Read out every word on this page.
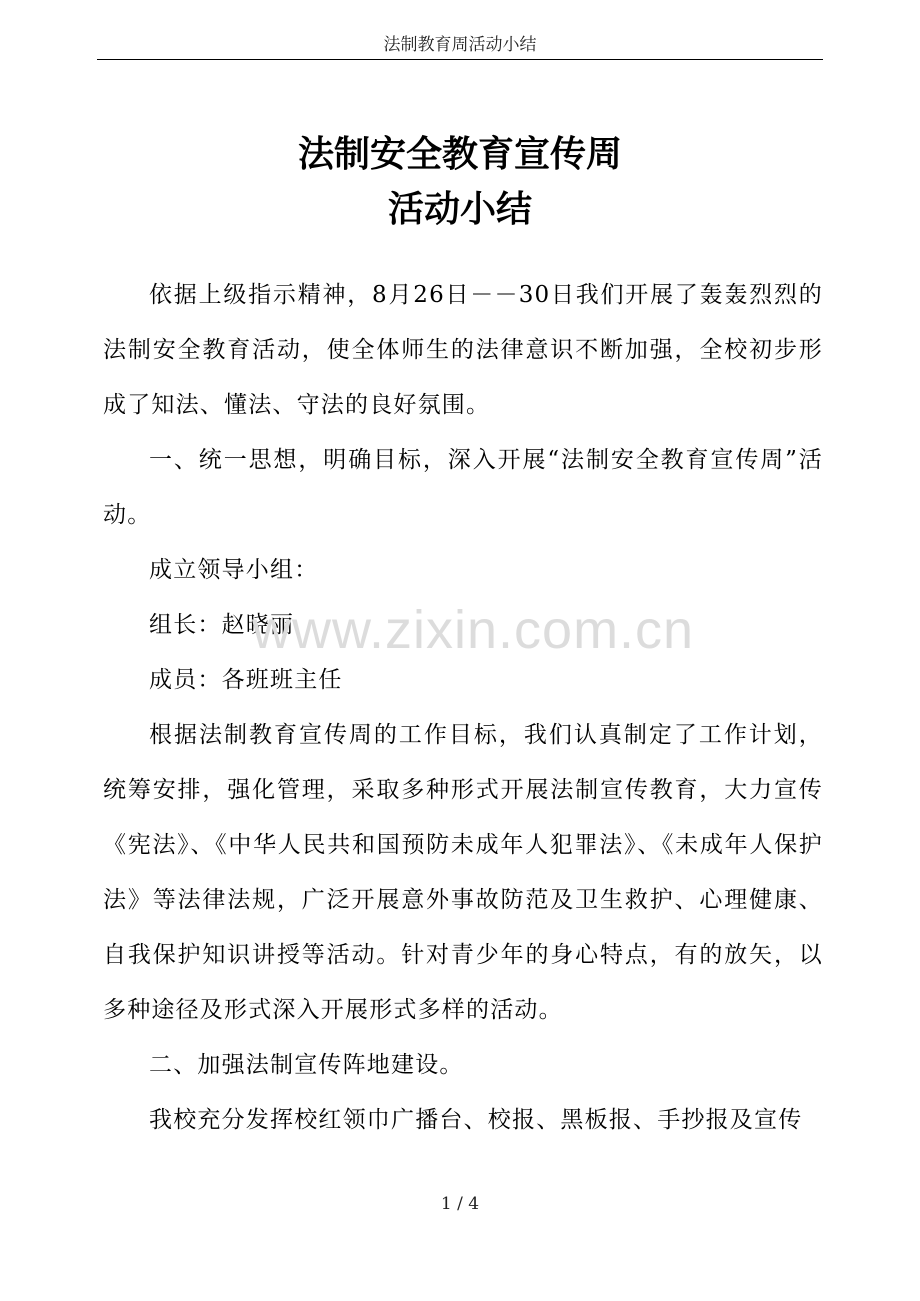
法制教育周活动小结
法制安全教育宣传周
活动小结

依据上级指示精神，8月26日－－30日我们开展了轰轰烈烈的法制安全教育活动，使全体师生的法律意识不断加强，全校初步形成了知法、懂法、守法的良好氛围。

一、统一思想，明确目标，深入开展“法制安全教育宣传周”活动。

成立领导小组：

组长：赵晓丽

成员：各班班主任

根据法制教育宣传周的工作目标，我们认真制定了工作计划，统筹安排，强化管理，采取多种形式开展法制宣传教育，大力宣传《宪法》、《中华人民共和国预防未成年人犯罪法》、《未成年人保护法》等法律法规，广泛开展意外事故防范及卫生救护、心理健康、自我保护知识讲授等活动。针对青少年的身心特点，有的放矢，以多种途径及形式深入开展形式多样的活动。

二、加强法制宣传阵地建设。

我校充分发挥校红领巾广播台、校报、黑板报、手抄报及宣传

www.zixin.com.cn
1 / 4
